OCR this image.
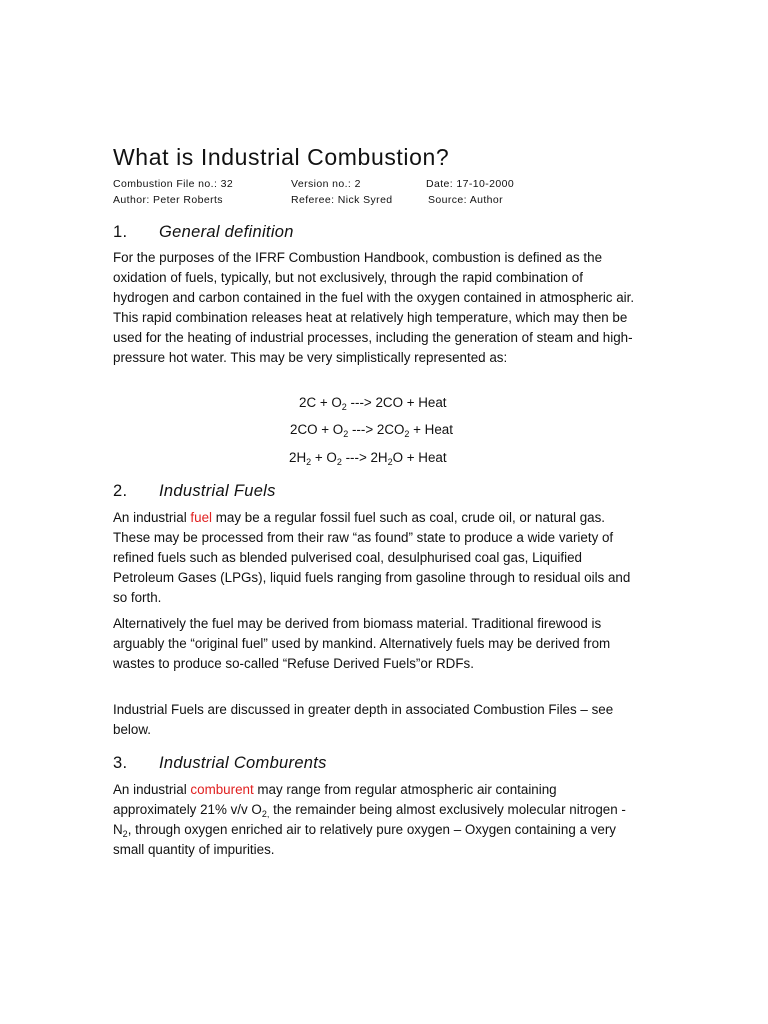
What is Industrial Combustion?
Combustion File no.: 32	Version no.: 2	Date: 17-10-2000
Author: Peter Roberts	Referee: Nick Syred	Source: Author
1. General definition

For the purposes of the IFRF Combustion Handbook, combustion is defined as the oxidation of fuels, typically, but not exclusively, through the rapid combination of hydrogen and carbon contained in the fuel with the oxygen contained in atmospheric air. This rapid combination releases heat at relatively high temperature, which may then be used for the heating of industrial processes, including the generation of steam and high-pressure hot water. This may be very simplistically represented as:

$2C + O_2$ ---> 2CO + Heat
$2CO + O_2$ ---> $2CO_2$ + Heat
$2H_2 + O_2$ ---> $2H_2O$ + Heat
2. Industrial Fuels

An industrial fuel may be a regular fossil fuel such as coal, crude oil, or natural gas. These may be processed from their raw “as found” state to produce a wide variety of refined fuels such as blended pulverised coal, desulphurised coal gas, Liquified Petroleum Gases (LPGs), liquid fuels ranging from gasoline through to residual oils and so forth.

Alternatively the fuel may be derived from biomass material. Traditional firewood is arguably the “original fuel” used by mankind. Alternatively fuels may be derived from wastes to produce so-called “Refuse Derived Fuels”or RDFs.

Industrial Fuels are discussed in greater depth in associated Combustion Files – see below.

3. Industrial Comburents

An industrial comburent may range from regular atmospheric air containing approximately 21% v/v $O_{2,}$ the remainder being almost exclusively molecular nitrogen - $N_2$, through oxygen enriched air to relatively pure oxygen – Oxygen containing a very small quantity of impurities.
